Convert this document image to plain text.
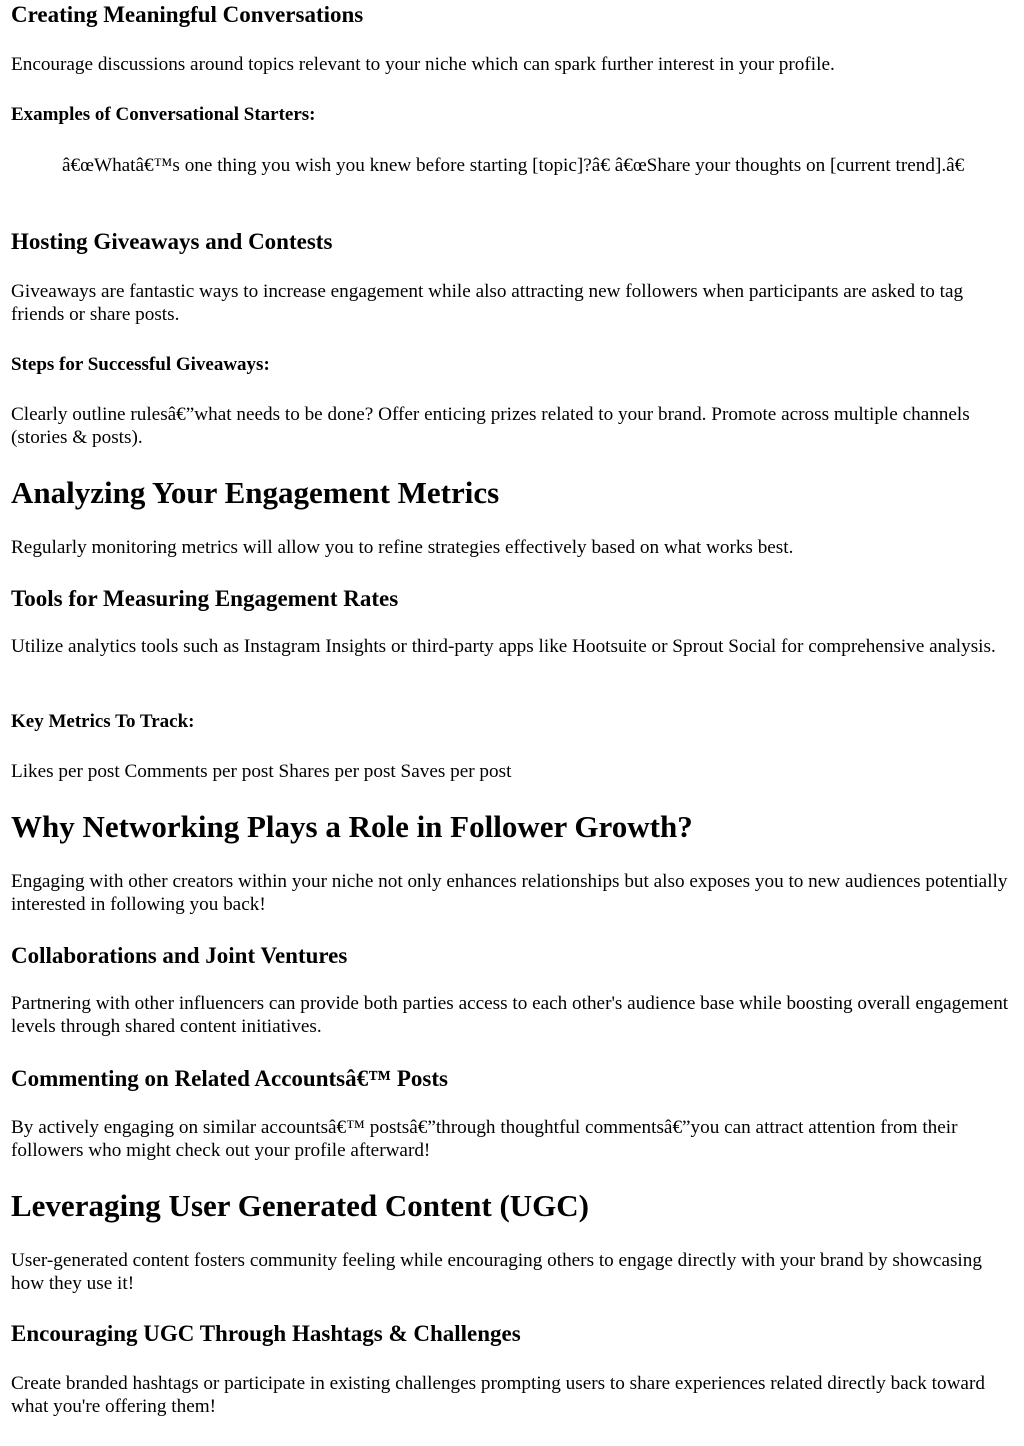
Creating Meaningful Conversations

Encourage discussions around topics relevant to your niche which can spark further interest in your profile.

Examples of Conversational Starters:
â€œWhatâ€™s one thing you wish you knew before starting [topic]?â€ â€œShare your thoughts on [current trend].â€
Hosting Giveaways and Contests

Giveaways are fantastic ways to increase engagement while also attracting new followers when participants are asked to tag friends or share posts.

Steps for Successful Giveaways:

Clearly outline rulesâ€”what needs to be done? Offer enticing prizes related to your brand. Promote across multiple channels (stories & posts).

Analyzing Your Engagement Metrics

Regularly monitoring metrics will allow you to refine strategies effectively based on what works best.

Tools for Measuring Engagement Rates

Utilize analytics tools such as Instagram Insights or third-party apps like Hootsuite or Sprout Social for comprehensive analysis.

Key Metrics To Track:

Likes per post Comments per post Shares per post Saves per post

Why Networking Plays a Role in Follower Growth?

Engaging with other creators within your niche not only enhances relationships but also exposes you to new audiences potentially interested in following you back!

Collaborations and Joint Ventures

Partnering with other influencers can provide both parties access to each other's audience base while boosting overall engagement levels through shared content initiatives.

Commenting on Related Accountsâ€™ Posts

By actively engaging on similar accountsâ€™ postsâ€”through thoughtful commentsâ€”you can attract attention from their followers who might check out your profile afterward!

Leveraging User Generated Content (UGC)

User-generated content fosters community feeling while encouraging others to engage directly with your brand by showcasing how they use it!

Encouraging UGC Through Hashtags & Challenges

Create branded hashtags or participate in existing challenges prompting users to share experiences related directly back toward what you're offering them!
